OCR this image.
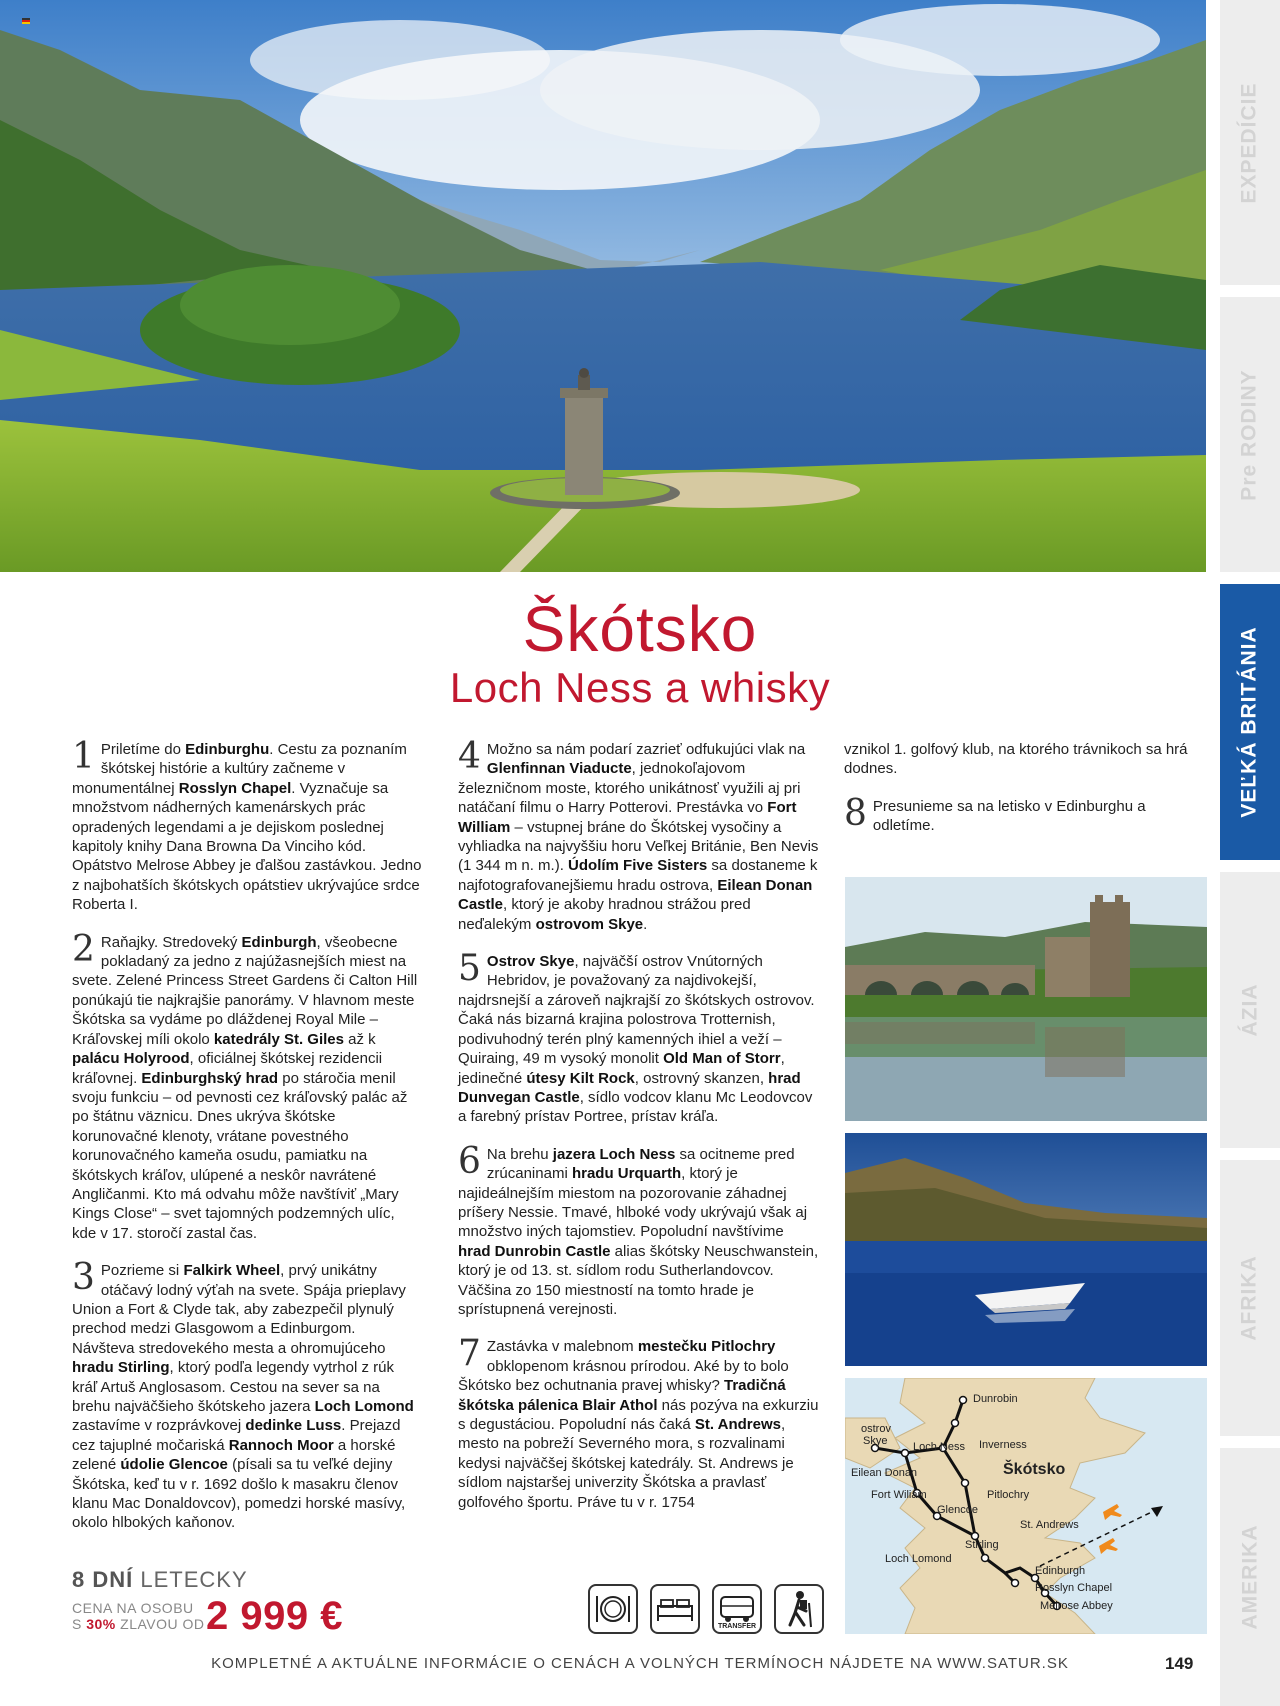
EXPEDÍCIE
Pre RODINY
VEĽKÁ BRITÁNIA
ÁZIA
AFRIKA
AMERIKA
Škótsko
Loch Ness a whisky
1 Priletíme do Edinburghu. Cestu za poznaním škótskej histórie a kultúry začneme v monumentálnej Rosslyn Chapel. Vyznačuje sa množstvom nádherných kamenárskych prác opradených legendami a je dejiskom poslednej kapitoly knihy Dana Browna Da Vinciho kód. Opátstvo Melrose Abbey je ďalšou zastávkou. Jedno z najbohatších škótskych opátstiev ukrývajúce srdce Roberta I.
2 Raňajky. Stredoveký Edinburgh, všeobecne pokladaný za jedno z najúžasnejších miest na svete. Zelené Princess Street Gardens či Calton Hill ponúkajú tie najkrajšie panorámy. V hlavnom meste Škótska sa vydáme po dláždenej Royal Mile – Kráľovskej míli okolo katedrály St. Giles až k palácu Holyrood, oficiálnej škótskej rezidencii kráľovnej. Edinburghský hrad po stáročia menil svoju funkciu – od pevnosti cez kráľovský palác až po štátnu väznicu. Dnes ukrýva škótske korunovačné klenoty, vrátane povestného korunovačného kameňa osudu, pamiatku na škótskych kráľov, ulúpené a neskôr navrátené Angličanmi. Kto má odvahu môže navštíviť „Mary Kings Close“ – svet tajomných podzemných ulíc, kde v 17. storočí zastal čas.
3 Pozrieme si Falkirk Wheel, prvý unikátny otáčavý lodný výťah na svete. Spája prieplavy Union a Fort & Clyde tak, aby zabezpečil plynulý prechod medzi Glasgowom a Edinburgom. Návšteva stredovekého mesta a ohromujúceho hradu Stirling, ktorý podľa legendy vytrhol z rúk kráľ Artuš Anglosasom. Cestou na sever sa na brehu najväčšieho škótskeho jazera Loch Lomond zastavíme v rozprávkovej dedinke Luss. Prejazd cez tajuplné močariská Rannoch Moor a horské zelené údolie Glencoe (písali sa tu veľké dejiny Škótska, keď tu v r. 1692 došlo k masakru členov klanu Mac Donaldovcov), pomedzi horské masívy, okolo hlbokých kaňonov.
4 Možno sa nám podarí zazrieť odfukujúci vlak na Glenfinnan Viaducte, jednokoľajovom železničnom moste, ktorého unikátnosť využili aj pri natáčaní filmu o Harry Potterovi. Prestávka vo Fort William – vstupnej bráne do Škótskej vysočiny a vyhliadka na najvyššiu horu Veľkej Británie, Ben Nevis (1 344 m n. m.). Údolím Five Sisters sa dostaneme k najfotografovanejšiemu hradu ostrova, Eilean Donan Castle, ktorý je akoby hradnou strážou pred neďalekým ostrovom Skye.
5 Ostrov Skye, najväčší ostrov Vnútorných Hebridov, je považovaný za najdivokejší, najdrsnejší a zároveň najkrajší zo škótskych ostrovov. Čaká nás bizarná krajina polostrova Trotternish, podivuhodný terén plný kamenných ihiel a veží – Quiraing, 49 m vysoký monolit Old Man of Storr, jedinečné útesy Kilt Rock, ostrovný skanzen, hrad Dunvegan Castle, sídlo vodcov klanu Mc Leodovcov a farebný prístav Portree, prístav kráľa.
6 Na brehu jazera Loch Ness sa ocitneme pred zrúcaninami hradu Urquarth, ktorý je najideálnejším miestom na pozorovanie záhadnej príšery Nessie. Tmavé, hlboké vody ukrývajú však aj množstvo iných tajomstiev. Popoludní navštívime hrad Dunrobin Castle alias škótsky Neuschwanstein, ktorý je od 13. st. sídlom rodu Sutherlandovcov. Väčšina zo 150 miestností na tomto hrade je sprístupnená verejnosti.
7 Zastávka v malebnom mestečku Pitlochry obklopenom krásnou prírodou. Aké by to bolo Škótsko bez ochutnania pravej whisky? Tradičná škótska pálenica Blair Athol nás pozýva na exkurziu s degustáciou. Popoludní nás čaká St. Andrews, mesto na pobreží Severného mora, s rozvalinami kedysi najväčšej škótskej katedrály. St. Andrews je sídlom najstaršej univerzity Škótska a pravlasť golfového športu. Práve tu v r. 1754
vznikol 1. golfový klub, na ktorého trávnikoch sa hrá dodnes.
8 Presunieme sa na letisko v Edinburghu a odletíme.
Dunrobin
ostrov
Skye Loch Ness Inverness
Škótsko
Eilean Donan
Fort Wiliam	Pitlochry
Glencoe
St. Andrews
Stirling
Loch Lomond
Edinburgh
Rosslyn Chapel
Melrose Abbey
8 DNÍ LETECKY
CENA NA OSOBU
S 30% ZLAVOU OD 2 999 €	TRANSFER
KOMPLETNÉ A AKTUÁLNE INFORMÁCIE O CENÁCH A VOLNÝCH TERMÍNOCH NÁJDETE NA WWW.SATUR.SK	149
